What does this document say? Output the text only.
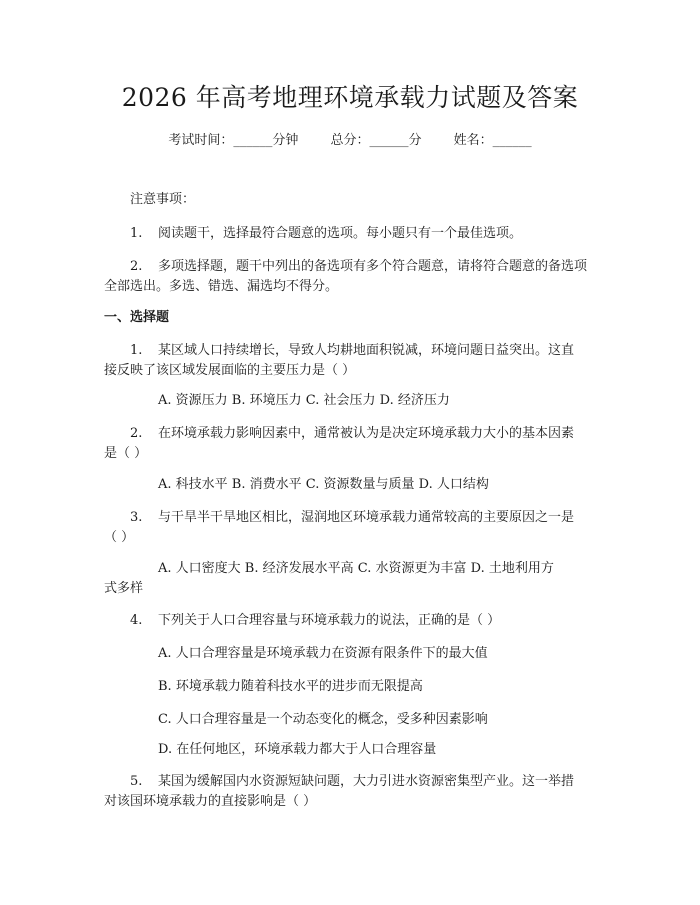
2026 年高考地理环境承载力试题及答案
考试时间：______分钟 总分：______分 姓名：______
注意事项：
1. 阅读题干，选择最符合题意的选项。每小题只有一个最佳选项。
2. 多项选择题，题干中列出的备选项有多个符合题意，请将符合题意的备选项
全部选出。多选、错选、漏选均不得分。
一、选择题
1. 某区域人口持续增长，导致人均耕地面积锐减，环境问题日益突出。这直
接反映了该区域发展面临的主要压力是（ ）
A. 资源压力 B. 环境压力 C. 社会压力 D. 经济压力
2. 在环境承载力影响因素中，通常被认为是决定环境承载力大小的基本因素
是（ ）
A. 科技水平 B. 消费水平 C. 资源数量与质量 D. 人口结构
3. 与干旱半干旱地区相比，湿润地区环境承载力通常较高的主要原因之一是
（ ）
A. 人口密度大 B. 经济发展水平高 C. 水资源更为丰富 D. 土地利用方
式多样
4. 下列关于人口合理容量与环境承载力的说法，正确的是（ ）
A. 人口合理容量是环境承载力在资源有限条件下的最大值
B. 环境承载力随着科技水平的进步而无限提高
C. 人口合理容量是一个动态变化的概念，受多种因素影响
D. 在任何地区，环境承载力都大于人口合理容量
5. 某国为缓解国内水资源短缺问题，大力引进水资源密集型产业。这一举措
对该国环境承载力的直接影响是（ ）
